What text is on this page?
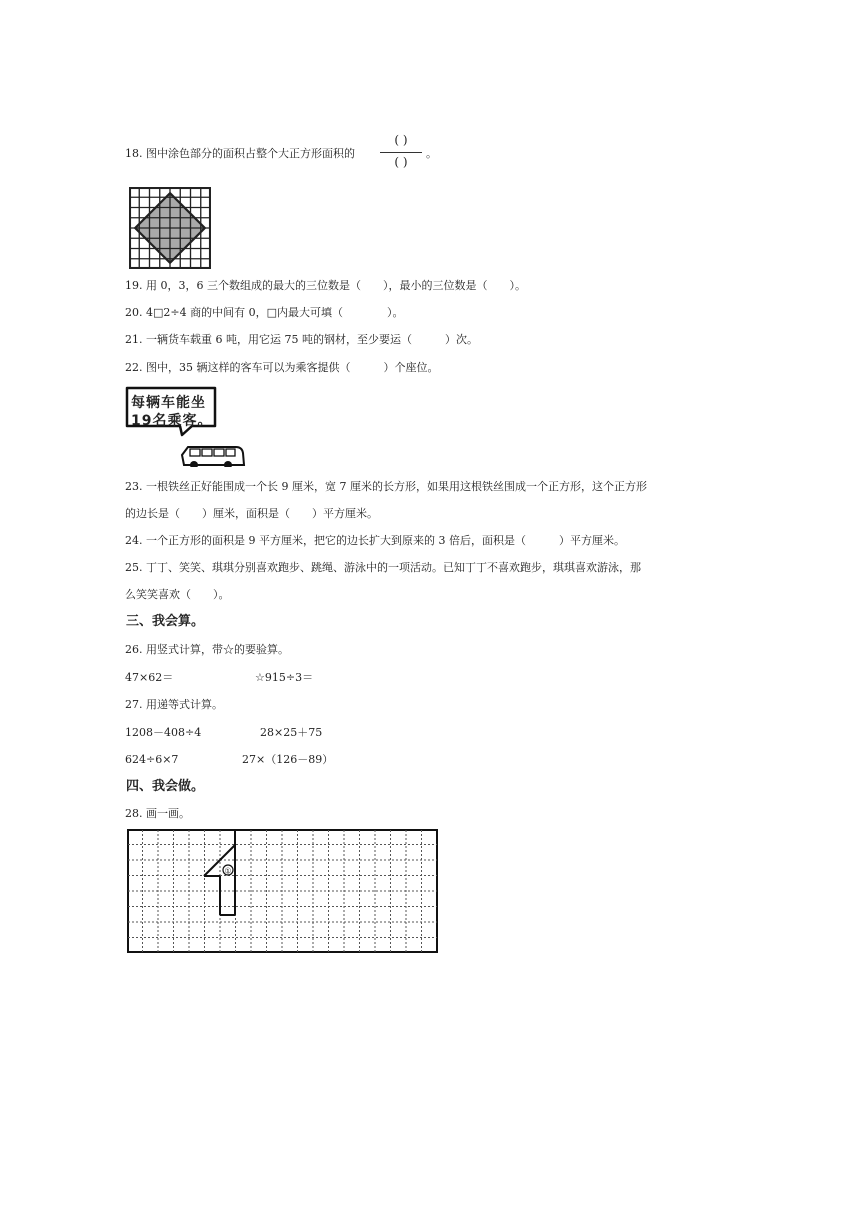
18. 图中涂色部分的面积占整个大正方形面积的
( )
( )
。
19. 用 0，3，6 三个数组成的最大的三位数是（　　），最小的三位数是（　　）。
20. 4□2÷4 商的中间有 0，□内最大可填（　　　　）。
21. 一辆货车载重 6 吨，用它运 75 吨的钢材，至少要运（　　　）次。
22. 图中，35 辆这样的客车可以为乘客提供（　　　）个座位。
每辆车能坐
19名乘客。
23. 一根铁丝正好能围成一个长 9 厘米，宽 7 厘米的长方形，如果用这根铁丝围成一个正方形，这个正方形
的边长是（　　）厘米，面积是（　　）平方厘米。
24. 一个正方形的面积是 9 平方厘米，把它的边长扩大到原来的 3 倍后，面积是（　　　）平方厘米。
25. 丁丁、笑笑、琪琪分别喜欢跑步、跳绳、游泳中的一项活动。已知丁丁不喜欢跑步，琪琪喜欢游泳，那
么笑笑喜欢（　　）。
三、我会算。
26. 用竖式计算，带☆的要验算。
47×62＝	☆915÷3＝
27. 用递等式计算。
1208－408÷4	28×25＋75
624÷6×7	27×（126－89）
四、我会做。
28. 画一画。
①
